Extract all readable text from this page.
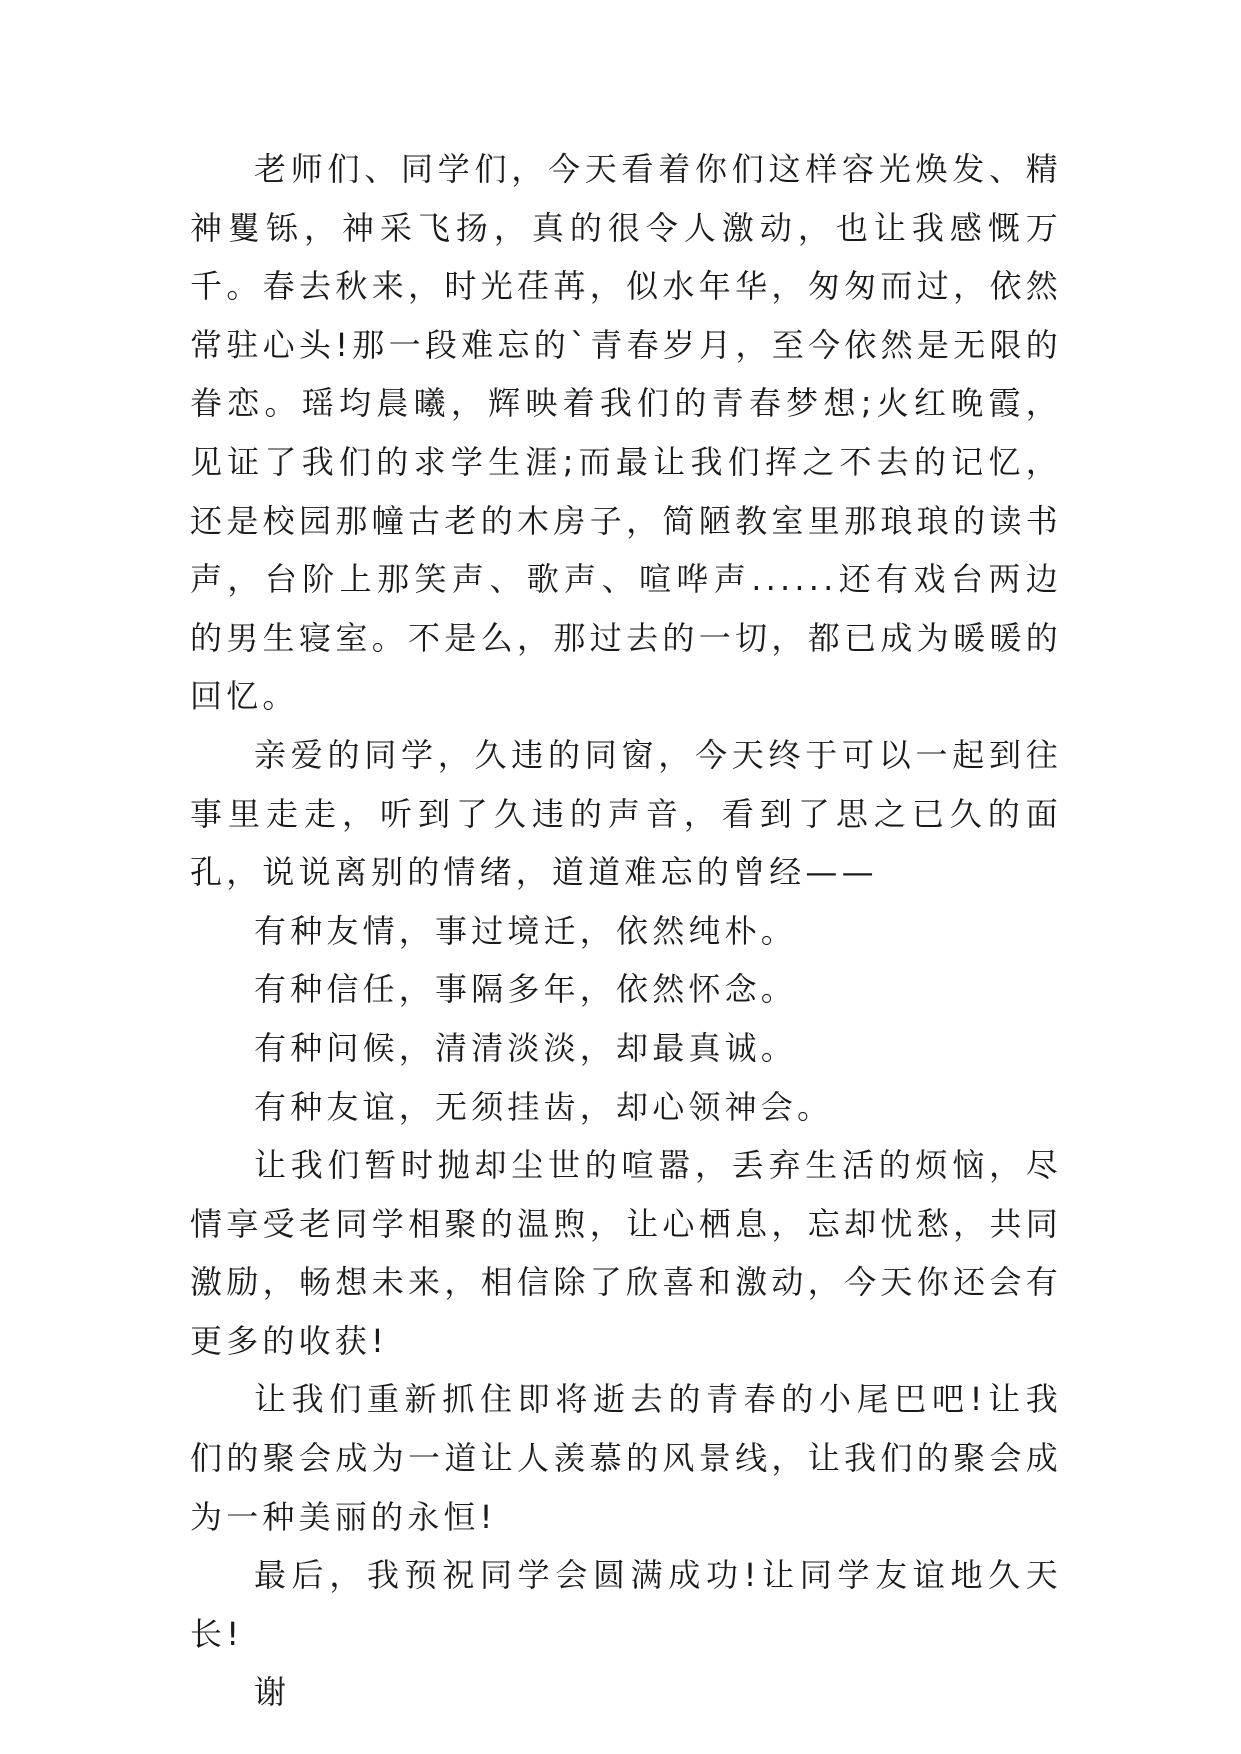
老师们、同学们，今天看着你们这样容光焕发、精神矍铄，神采飞扬，真的很令人激动，也让我感慨万千。春去秋来，时光荏苒，似水年华，匆匆而过，依然常驻心头!那一段难忘的`青春岁月，至今依然是无限的眷恋。瑶均晨曦，辉映着我们的青春梦想;火红晚霞，见证了我们的求学生涯;而最让我们挥之不去的记忆，还是校园那幢古老的木房子，简陋教室里那琅琅的读书声，台阶上那笑声、歌声、喧哗声......还有戏台两边的男生寝室。不是么，那过去的一切，都已成为暖暖的回忆。

亲爱的同学，久违的同窗，今天终于可以一起到往事里走走，听到了久违的声音，看到了思之已久的面孔，说说离别的情绪，道道难忘的曾经——

有种友情，事过境迁，依然纯朴。

有种信任，事隔多年，依然怀念。

有种问候，清清淡淡，却最真诚。

有种友谊，无须挂齿，却心领神会。

让我们暂时抛却尘世的喧嚣，丢弃生活的烦恼，尽情享受老同学相聚的温煦，让心栖息，忘却忧愁，共同激励，畅想未来，相信除了欣喜和激动，今天你还会有更多的收获!

让我们重新抓住即将逝去的青春的小尾巴吧!让我们的聚会成为一道让人羡慕的风景线，让我们的聚会成为一种美丽的永恒!

最后，我预祝同学会圆满成功!让同学友谊地久天长!

谢
